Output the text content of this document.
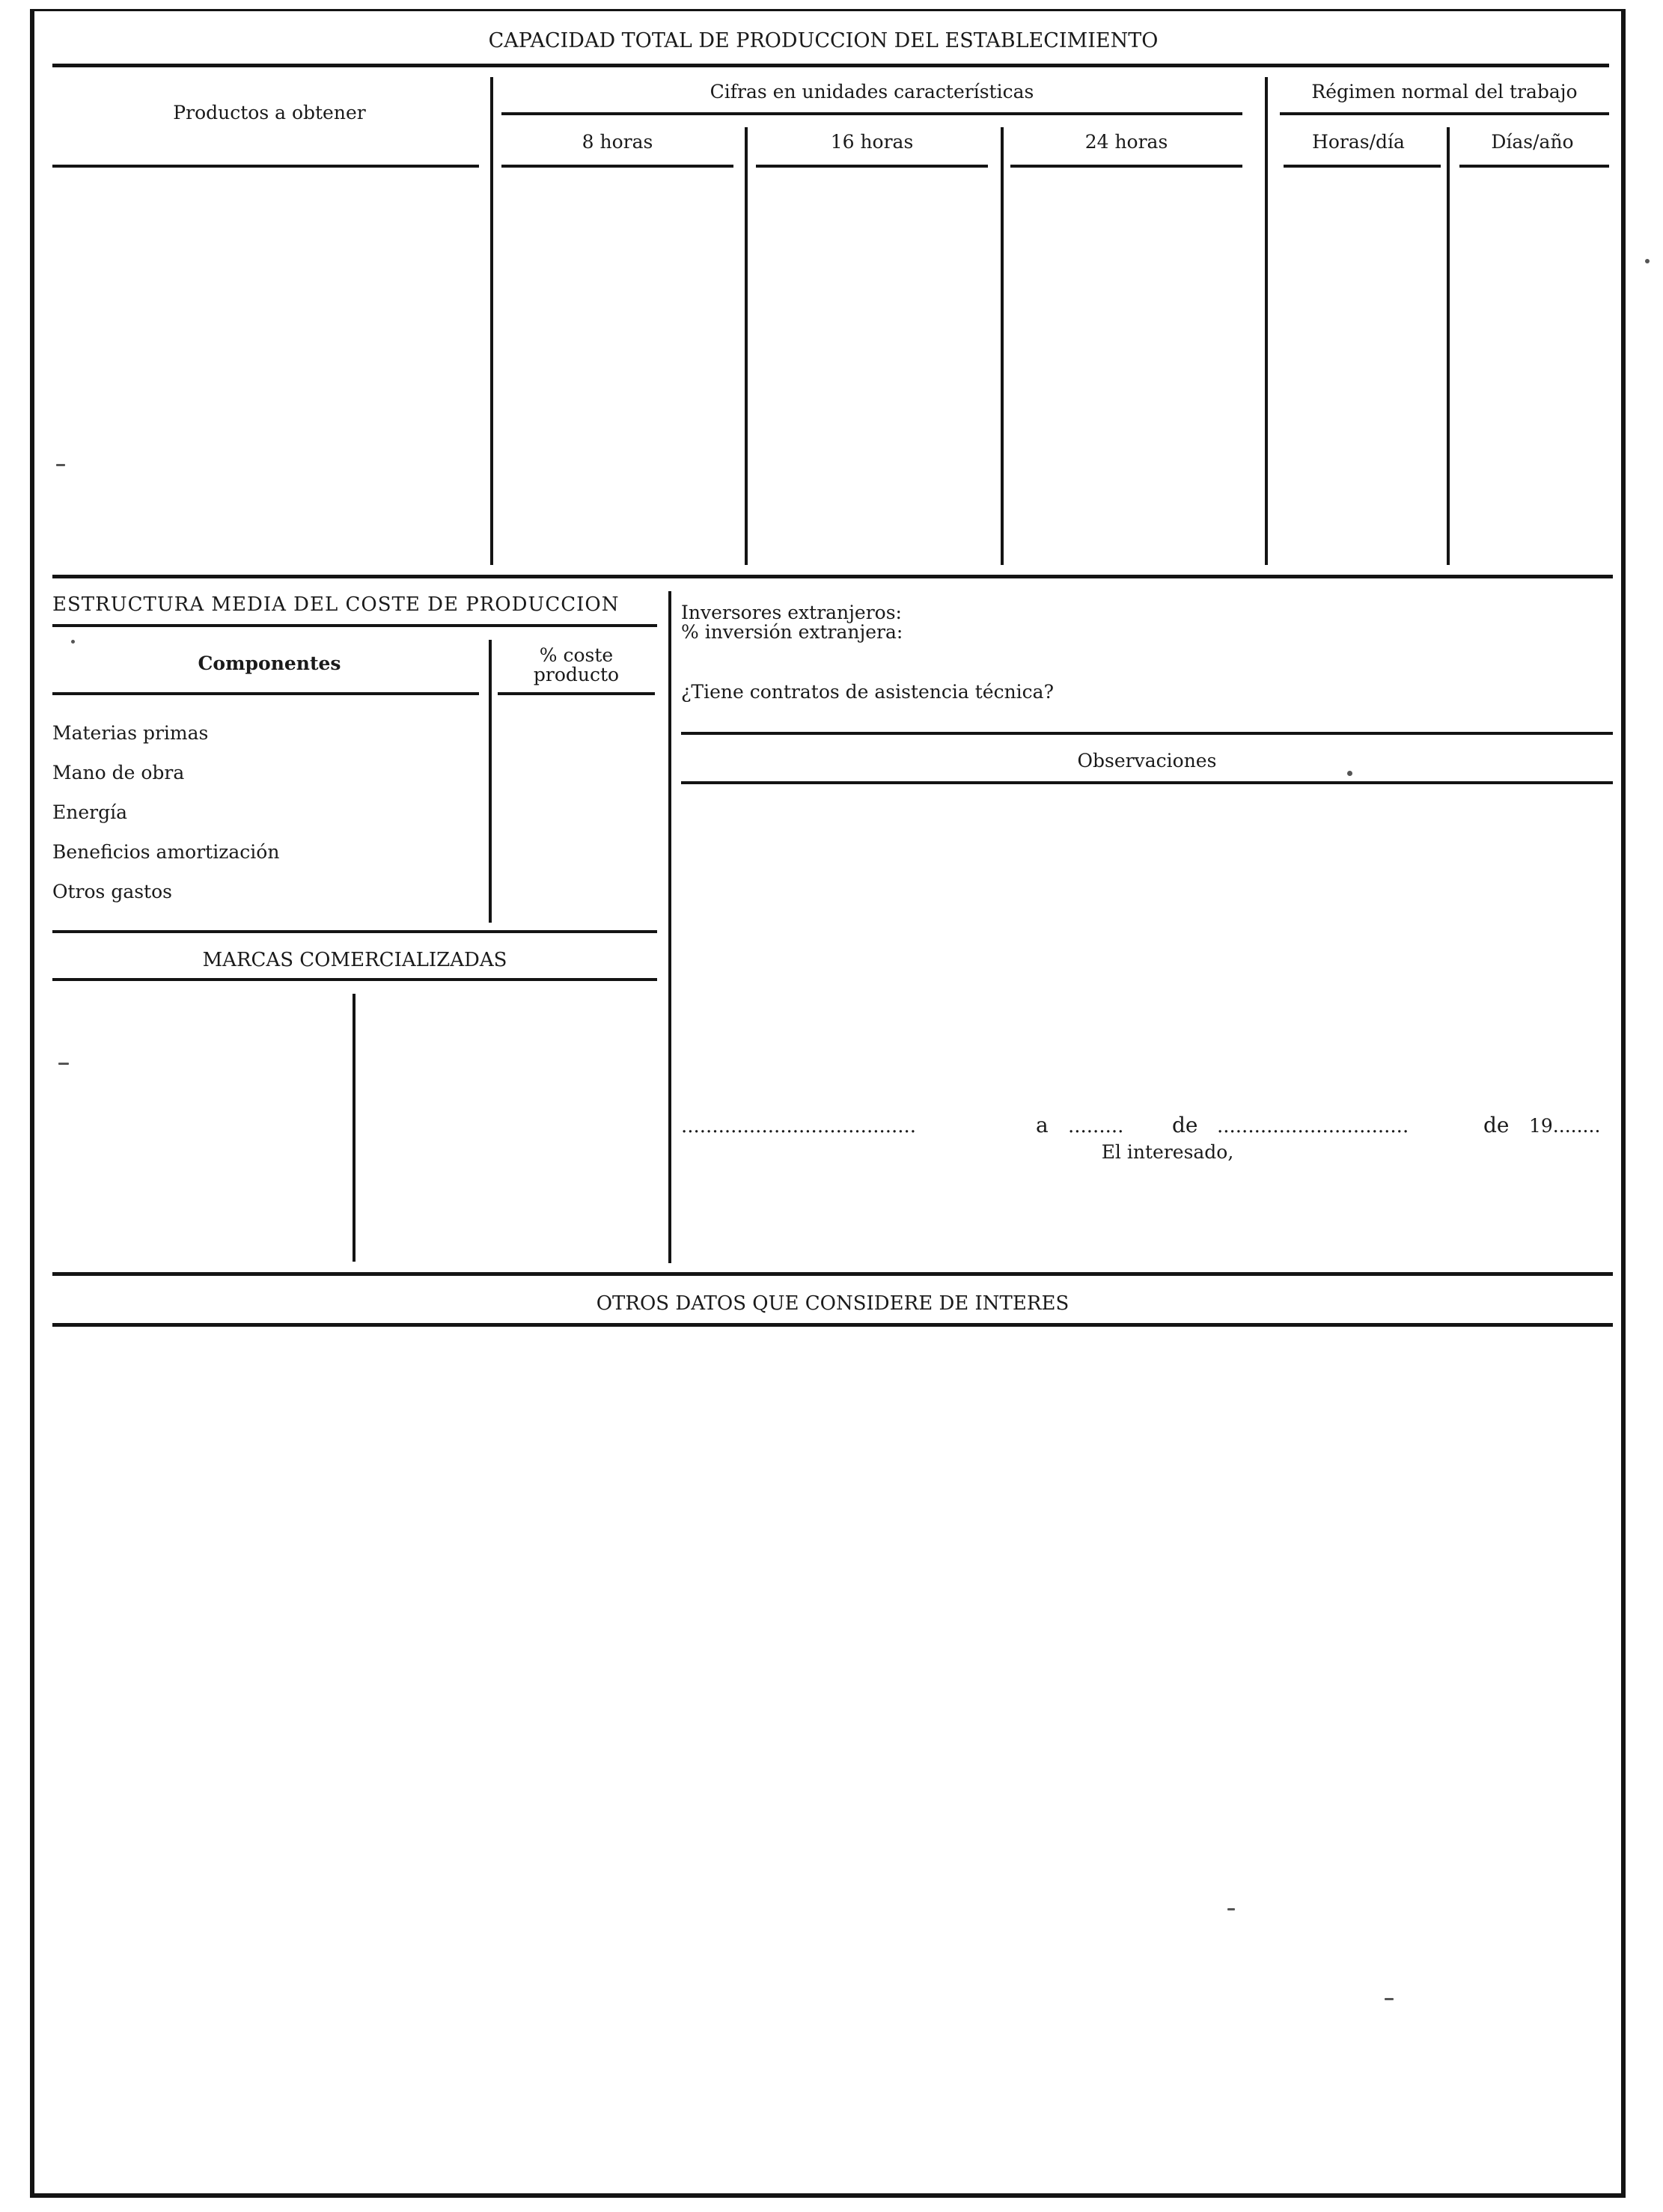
CAPACIDAD TOTAL DE PRODUCCION DEL ESTABLECIMIENTO
Productos a obtener
Cifras en unidades características	Régimen normal del trabajo
8 horas	16 horas	24 horas	Horas/día	Días/año
ESTRUCTURA MEDIA DEL COSTE DE PRODUCCION
Componentes	% coste
producto
Materias primas
Mano de obra
Energía
Beneficios amortización
Otros gastos
MARCAS COMERCIALIZADAS
Inversores extranjeros:
% inversión extranjera:
¿Tiene contratos de asistencia técnica?
Observaciones
......................................	a ......... de ...............................	de 19........
El interesado,
OTROS DATOS QUE CONSIDERE DE INTERES
